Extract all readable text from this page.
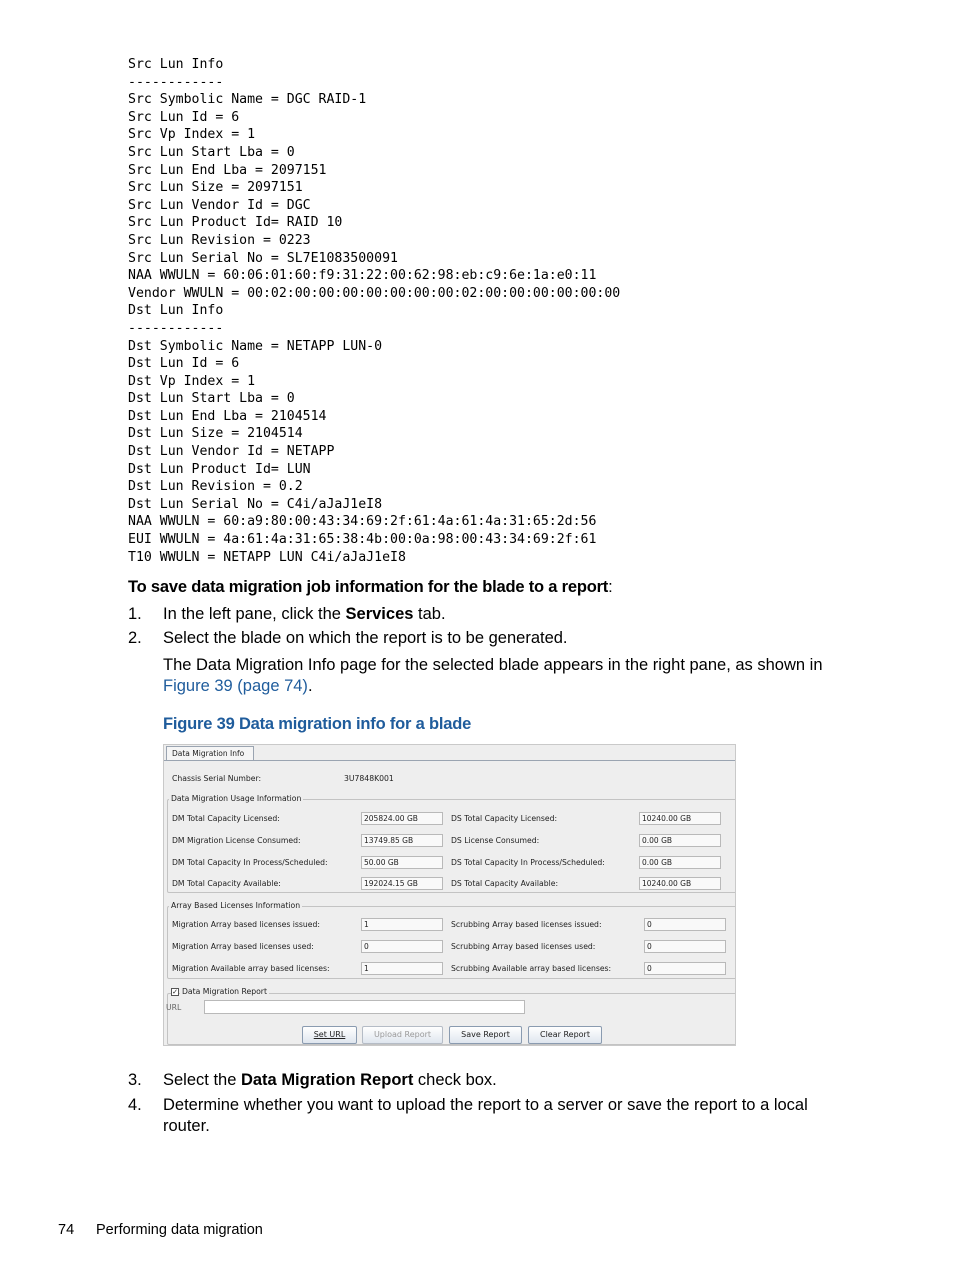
Src Lun Info
------------
Src Symbolic Name = DGC RAID-1
Src Lun Id = 6
Src Vp Index = 1
Src Lun Start Lba = 0
Src Lun End Lba = 2097151
Src Lun Size = 2097151
Src Lun Vendor Id = DGC
Src Lun Product Id= RAID 10
Src Lun Revision = 0223
Src Lun Serial No = SL7E1083500091
NAA WWULN = 60:06:01:60:f9:31:22:00:62:98:eb:c9:6e:1a:e0:11
Vendor WWULN = 00:02:00:00:00:00:00:00:00:02:00:00:00:00:00:00
Dst Lun Info
------------
Dst Symbolic Name = NETAPP LUN-0
Dst Lun Id = 6
Dst Vp Index = 1
Dst Lun Start Lba = 0
Dst Lun End Lba = 2104514
Dst Lun Size = 2104514
Dst Lun Vendor Id = NETAPP
Dst Lun Product Id= LUN
Dst Lun Revision = 0.2
Dst Lun Serial No = C4i/aJaJ1eI8
NAA WWULN = 60:a9:80:00:43:34:69:2f:61:4a:61:4a:31:65:2d:56
EUI WWULN = 4a:61:4a:31:65:38:4b:00:0a:98:00:43:34:69:2f:61
T10 WWULN = NETAPP LUN C4i/aJaJ1eI8
To save data migration job information for the blade to a report:
1. In the left pane, click the Services tab.
2. Select the blade on which the report is to be generated.
The Data Migration Info page for the selected blade appears in the right pane, as shown in Figure 39 (page 74).
Figure 39 Data migration info for a blade
Data Migration Info
Chassis Serial Number:	3U7848K001
Data Migration Usage Information
Array Based Licenses Information
✓ Data Migration Report
URL
Set URL	Upload Report	Save Report	Clear Report
DM Total Capacity Licensed:	205824.00 GB	DS Total Capacity Licensed:	10240.00 GB
DM Migration License Consumed:	13749.85 GB	DS License Consumed:	0.00 GB
DM Total Capacity In Process/Scheduled:	50.00 GB	DS Total Capacity In Process/Scheduled:	0.00 GB
DM Total Capacity Available:	192024.15 GB	DS Total Capacity Available:	10240.00 GB
Migration Array based licenses issued:	1	Scrubbing Array based licenses issued:	0
Migration Array based licenses used:	0	Scrubbing Array based licenses used:	0
Migration Available array based licenses:	1	Scrubbing Available array based licenses:	0
3. Select the Data Migration Report check box.
4. Determine whether you want to upload the report to a server or save the report to a local
router.
74 Performing data migration
